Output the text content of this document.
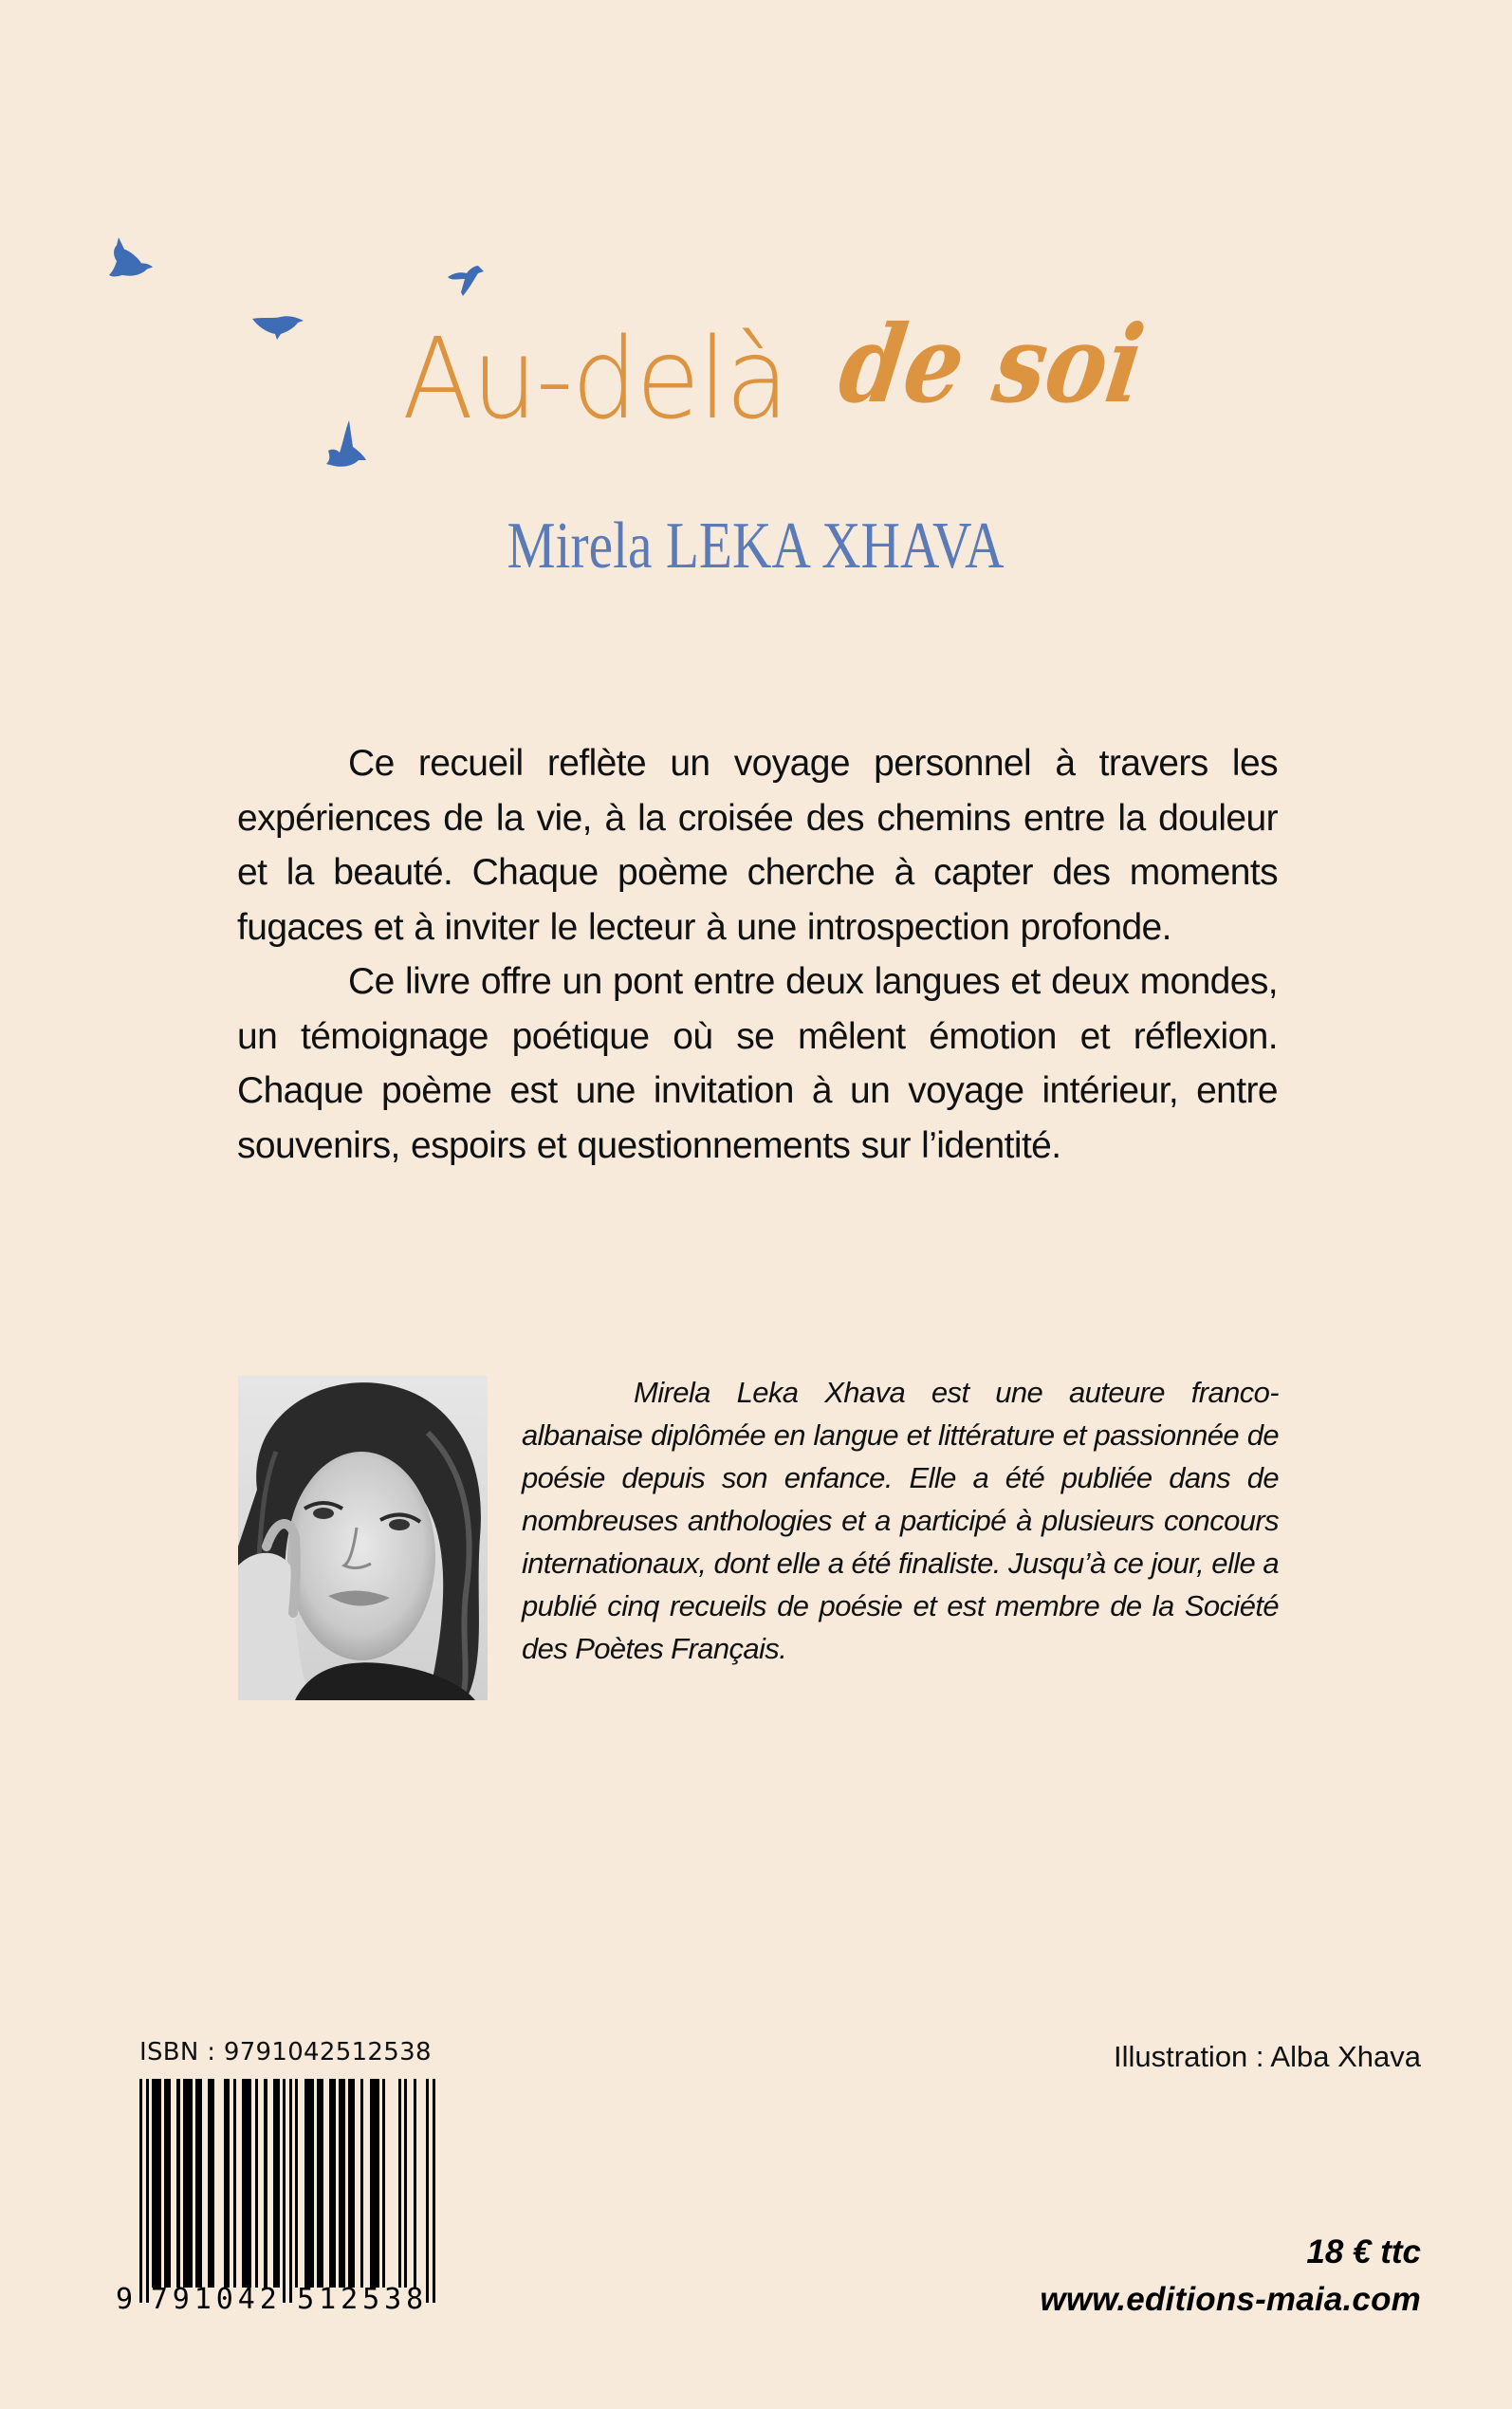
Au-delà de soi
Mirela LEKA XHAVA

Ce recueil reflète un voyage personnel à travers les expériences de la vie, à la croisée des chemins entre la douleur et la beauté. Chaque poème cherche à capter des moments fugaces et à inviter le lecteur à une introspection profonde.

Ce livre offre un pont entre deux langues et deux mondes, un témoignage poétique où se mêlent émotion et réflexion. Chaque poème est une invitation à un voyage intérieur, entre souvenirs, espoirs et questionnements sur l’identité.

Mirela Leka Xhava est une auteure franco-albanaise diplômée en langue et littérature et passionnée de poésie depuis son enfance. Elle a été publiée dans de nombreuses anthologies et a participé à plusieurs concours internationaux, dont elle a été finaliste. Jusqu’à ce jour, elle a publié cinq recueils de poésie et est membre de la Société des Poètes Français.

ISBN : 9791042512538
9 7 9 1 0 4 2 5 1 2 5 3 8
Illustration : Alba Xhava
18 € ttc
www.editions-maia.com
